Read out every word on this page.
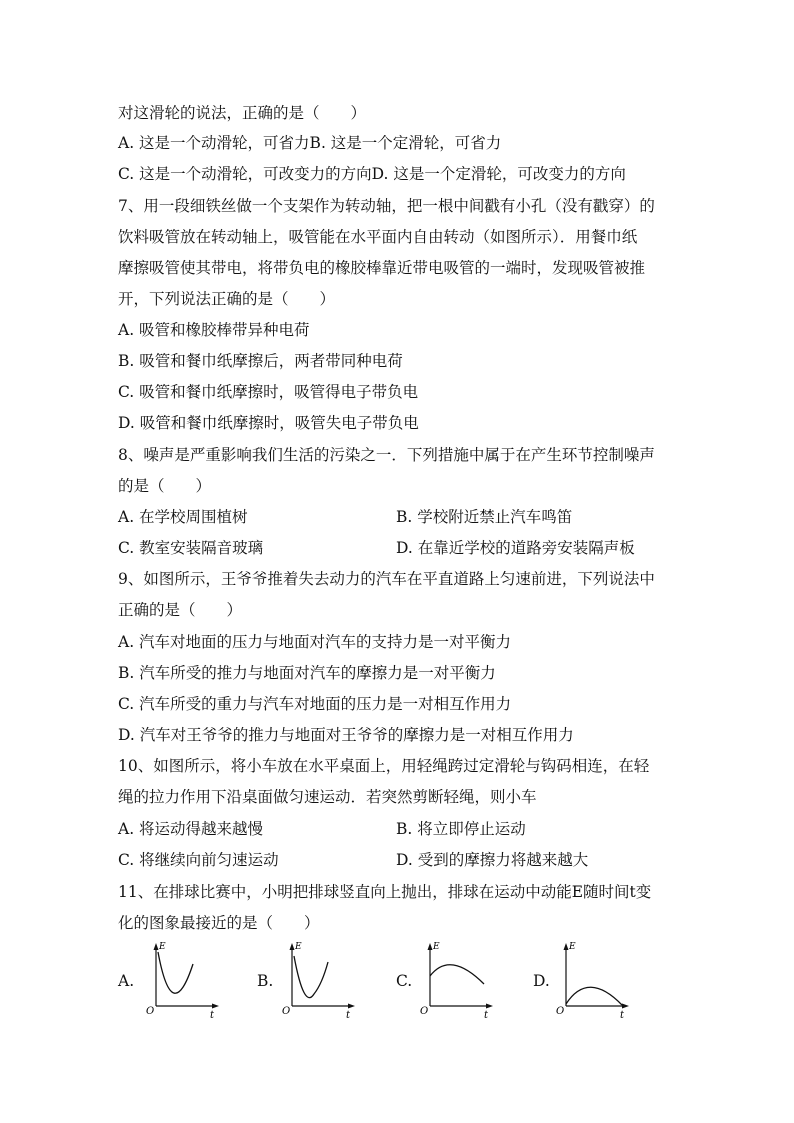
对这滑轮的说法，正确的是（　　）
A. 这是一个动滑轮，可省力B. 这是一个定滑轮，可省力
C. 这是一个动滑轮，可改变力的方向D. 这是一个定滑轮，可改变力的方向
7、用一段细铁丝做一个支架作为转动轴，把一根中间戳有小孔（没有戳穿）的
饮料吸管放在转动轴上，吸管能在水平面内自由转动（如图所示）．用餐巾纸
摩擦吸管使其带电，将带负电的橡胶棒靠近带电吸管的一端时，发现吸管被推
开，下列说法正确的是（　　）
A. 吸管和橡胶棒带异种电荷
B. 吸管和餐巾纸摩擦后，两者带同种电荷
C. 吸管和餐巾纸摩擦时，吸管得电子带负电
D. 吸管和餐巾纸摩擦时，吸管失电子带负电
8、噪声是严重影响我们生活的污染之一．下列措施中属于在产生环节控制噪声
的是（　　）
A. 在学校周围植树	B. 学校附近禁止汽车鸣笛
C. 教室安装隔音玻璃	D. 在靠近学校的道路旁安装隔声板
9、如图所示，王爷爷推着失去动力的汽车在平直道路上匀速前进，下列说法中
正确的是（　　）
A. 汽车对地面的压力与地面对汽车的支持力是一对平衡力
B. 汽车所受的推力与地面对汽车的摩擦力是一对平衡力
C. 汽车所受的重力与汽车对地面的压力是一对相互作用力
D. 汽车对王爷爷的推力与地面对王爷爷的摩擦力是一对相互作用力
10、如图所示，将小车放在水平桌面上，用轻绳跨过定滑轮与钩码相连，在轻
绳的拉力作用下沿桌面做匀速运动．若突然剪断轻绳，则小车
A. 将运动得越来越慢	B. 将立即停止运动
C. 将继续向前匀速运动	D. 受到的摩擦力将越来越大
11、在排球比赛中，小明把排球竖直向上抛出，排球在运动中动能E随时间t变
化的图象最接近的是（　　）
A.	B.	C.	D.
E
O	t
E
O	t
E
O	t
E
O	t
